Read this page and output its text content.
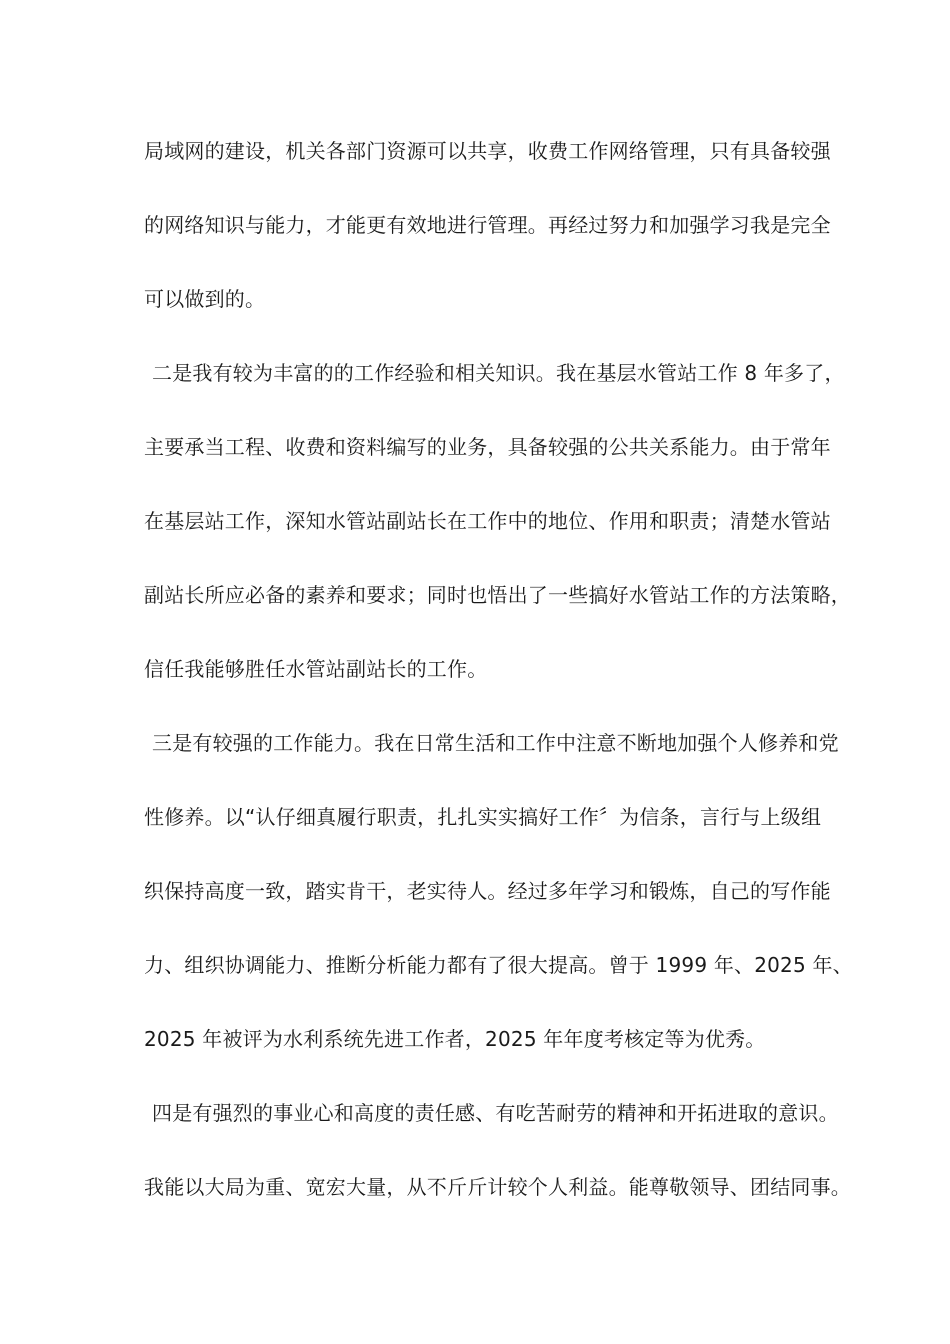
局域网的建设，机关各部门资源可以共享，收费工作网络管理，只有具备较强
的网络知识与能力，才能更有效地进行管理。再经过努力和加强学习我是完全
可以做到的。
二是我有较为丰富的的工作经验和相关知识。我在基层水管站工作 8 年多了，
主要承当工程、收费和资料编写的业务，具备较强的公共关系能力。由于常年
在基层站工作，深知水管站副站长在工作中的地位、作用和职责；清楚水管站
副站长所应必备的素养和要求；同时也悟出了一些搞好水管站工作的方法策略，
信任我能够胜任水管站副站长的工作。
三是有较强的工作能力。我在日常生活和工作中注意不断地加强个人修养和党
性修养。以“认仔细真履行职责，扎扎实实搞好工作〞为信条，言行与上级组
织保持高度一致，踏实肯干，老实待人。经过多年学习和锻炼，自己的写作能
力、组织协调能力、推断分析能力都有了很大提高。曾于 1999 年、2025 年、
2025 年被评为水利系统先进工作者，2025 年年度考核定等为优秀。
四是有强烈的事业心和高度的责任感、有吃苦耐劳的精神和开拓进取的意识。
我能以大局为重、宽宏大量，从不斤斤计较个人利益。能尊敬领导、团结同事。
